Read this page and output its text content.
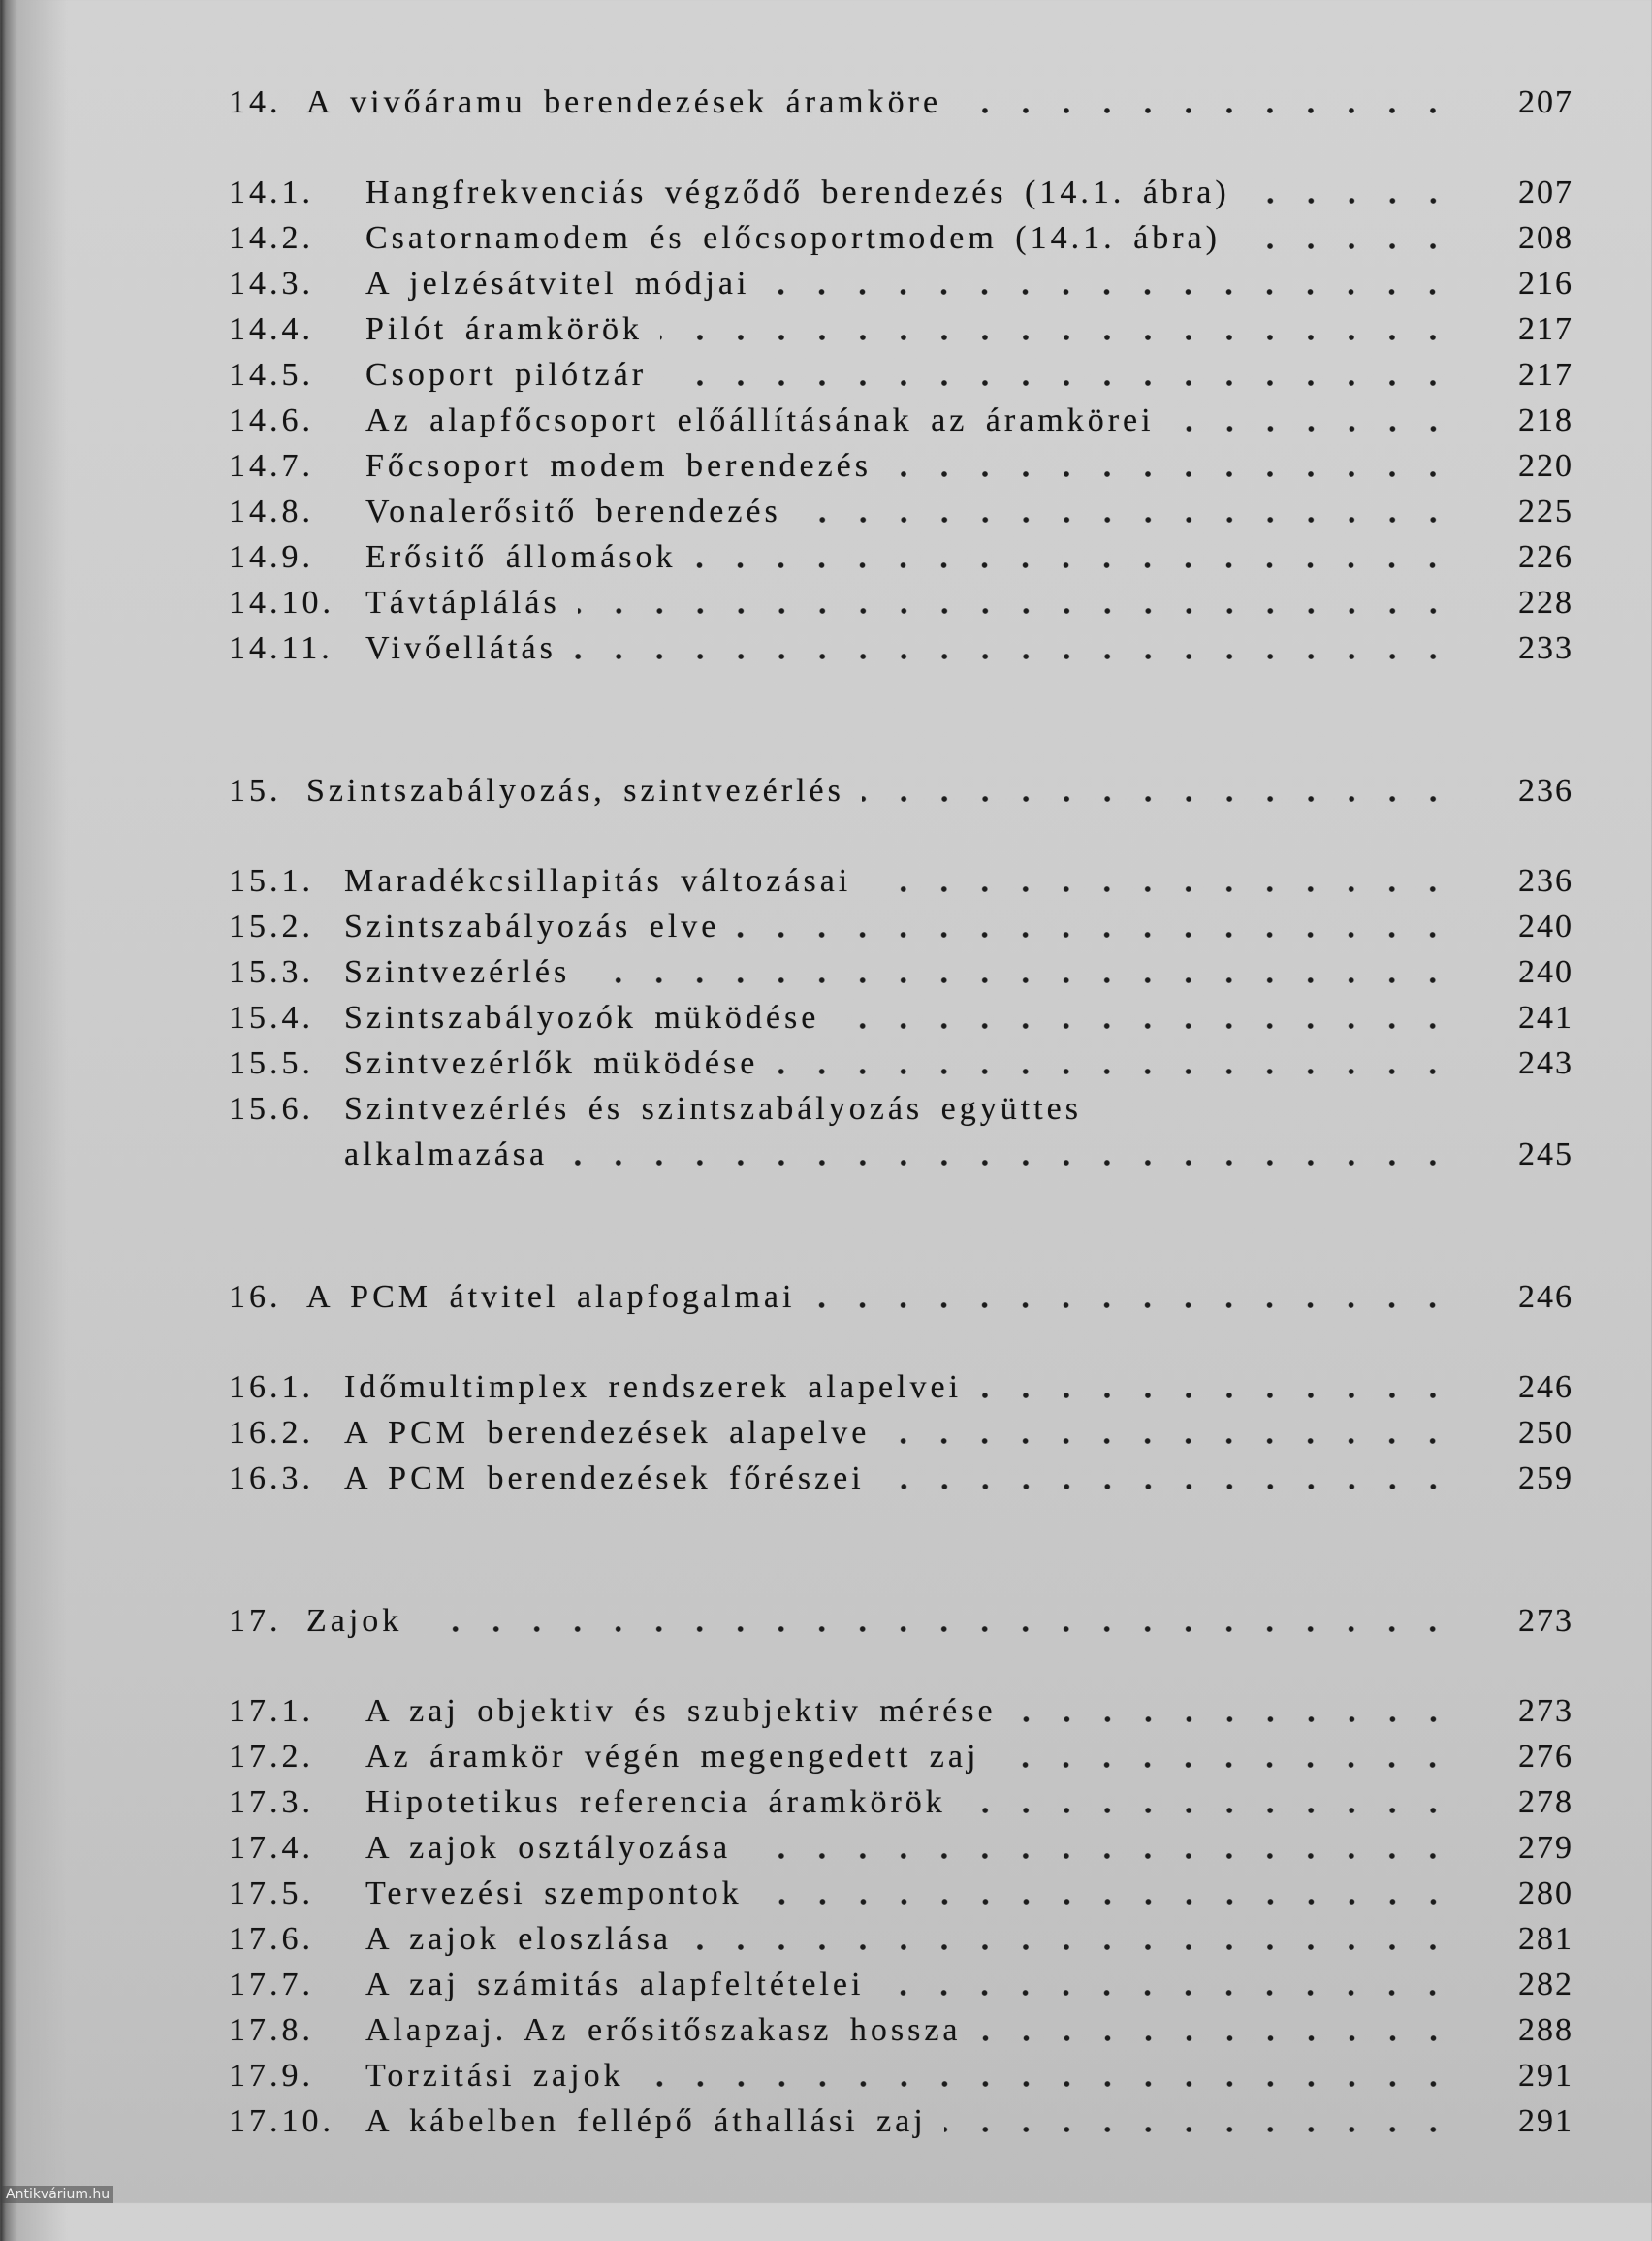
14. A vivőáramu berendezések áramköre	207
14.1.	Hangfrekvenciás végződő berendezés (14.1. ábra)	207
14.2.	Csatornamodem és előcsoportmodem (14.1. ábra)	208
14.3.	A jelzésátvitel módjai	216
14.4.	Pilót áramkörök	217
14.5.	Csoport pilótzár	217
14.6.	Az alapfőcsoport előállításának az áramkörei	218
14.7.	Főcsoport modem berendezés	220
14.8.	Vonalerősitő berendezés	225
14.9.	Erősitő állomások	226
14.10. Távtáplálás	228
14.11. Vivőellátás	233
15. Szintszabályozás, szintvezérlés	236
15.1. Maradékcsillapitás változásai	236
15.2. Szintszabályozás elve	240
15.3. Szintvezérlés	240
15.4. Szintszabályozók müködése	241
15.5. Szintvezérlők müködése	243
15.6. Szintvezérlés és szintszabályozás együttes
alkalmazása	245
16. A PCM átvitel alapfogalmai	246
16.1. Időmultimplex rendszerek alapelvei	246
16.2. A PCM berendezések alapelve	250
16.3. A PCM berendezések főrészei	259
17. Zajok	273
17.1.	A zaj objektiv és szubjektiv mérése	273
17.2.	Az áramkör végén megengedett zaj	276
17.3.	Hipotetikus referencia áramkörök	278
17.4.	A zajok osztályozása	279
17.5.	Tervezési szempontok	280
17.6.	A zajok eloszlása	281
17.7.	A zaj számitás alapfeltételei	282
17.8.	Alapzaj. Az erősitőszakasz hossza	288
17.9.	Torzitási zajok	291
17.10. A kábelben fellépő áthallási zaj	291
Antikvárium.hu
